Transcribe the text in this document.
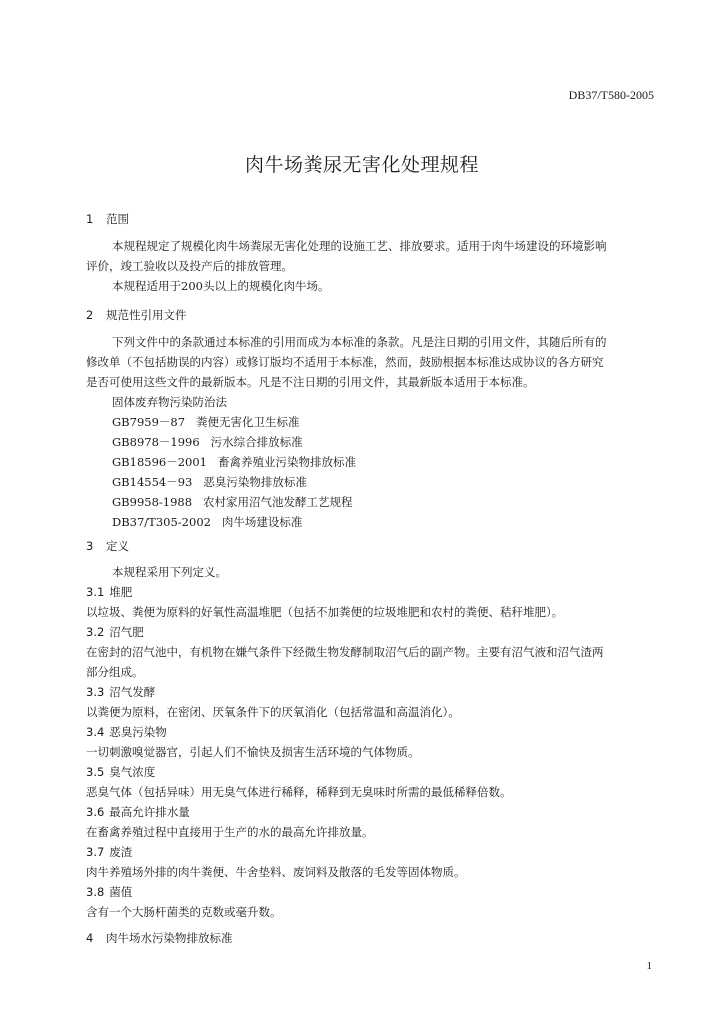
DB37/T580-2005
肉牛场粪尿无害化处理规程
1 范围
本规程规定了规模化肉牛场粪尿无害化处理的设施工艺、排放要求。适用于肉牛场建设的环境影响
评价，竣工验收以及投产后的排放管理。
本规程适用于200头以上的规模化肉牛场。
2 规范性引用文件
下列文件中的条款通过本标准的引用而成为本标准的条款。凡是注日期的引用文件，其随后所有的
修改单（不包括勘误的内容）或修订版均不适用于本标准，然而，鼓励根据本标准达成协议的各方研究
是否可使用这些文件的最新版本。凡是不注日期的引用文件，其最新版本适用于本标准。
固体废弃物污染防治法
GB7959－87 粪便无害化卫生标准
GB8978－1996 污水综合排放标准
GB18596－2001 畜禽养殖业污染物排放标准
GB14554－93 恶臭污染物排放标准
GB9958-1988 农村家用沼气池发酵工艺规程
DB37/T305-2002 肉牛场建设标准
3 定义
本规程采用下列定义。
3.1 堆肥
以垃圾、粪便为原料的好氧性高温堆肥（包括不加粪便的垃圾堆肥和农村的粪便、秸秆堆肥）。
3.2 沼气肥
在密封的沼气池中，有机物在嫌气条件下经微生物发酵制取沼气后的副产物。主要有沼气液和沼气渣两
部分组成。
3.3 沼气发酵
以粪便为原料，在密闭、厌氧条件下的厌氧消化（包括常温和高温消化）。
3.4 恶臭污染物
一切刺激嗅觉器官，引起人们不愉快及损害生活环境的气体物质。
3.5 臭气浓度
恶臭气体（包括异味）用无臭气体进行稀释，稀释到无臭味时所需的最低稀释倍数。
3.6 最高允许排水量
在畜禽养殖过程中直接用于生产的水的最高允许排放量。
3.7 废渣
肉牛养殖场外排的肉牛粪便、牛舍垫料、废饲料及散落的毛发等固体物质。
3.8 菌值
含有一个大肠杆菌类的克数或毫升数。
4 肉牛场水污染物排放标准
1
